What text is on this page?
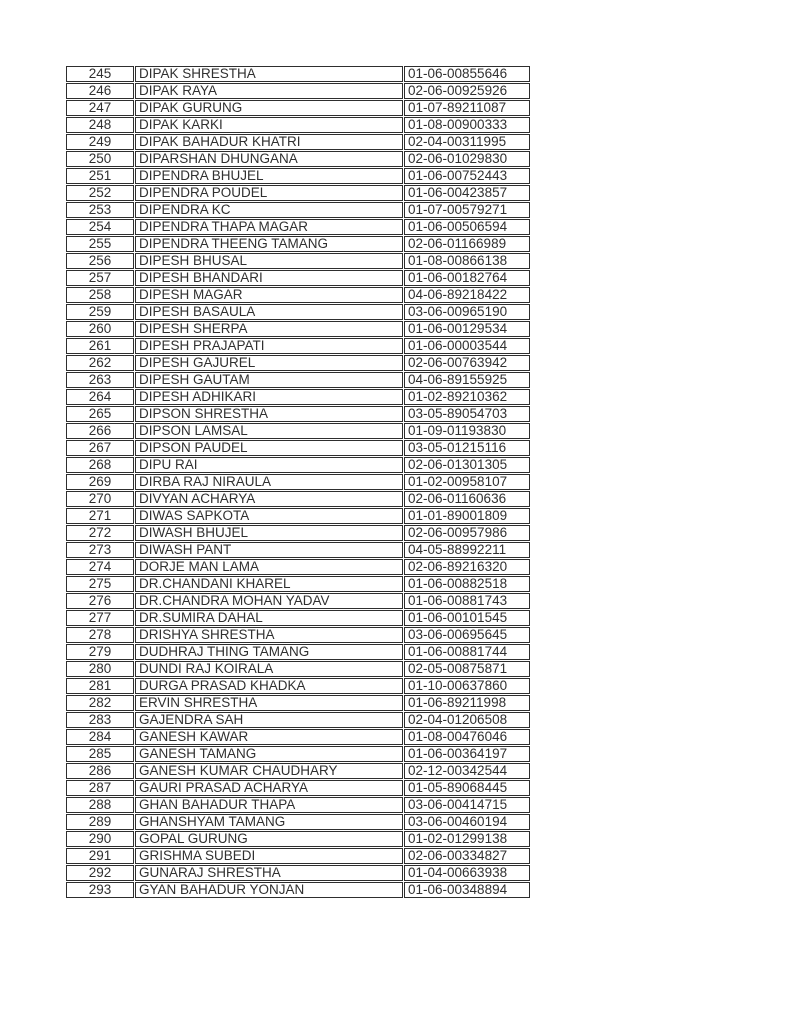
245	DIPAK SHRESTHA	01-06-00855646
246	DIPAK RAYA	02-06-00925926
247	DIPAK GURUNG	01-07-89211087
248	DIPAK KARKI	01-08-00900333
249	DIPAK BAHADUR KHATRI	02-04-00311995
250	DIPARSHAN DHUNGANA	02-06-01029830
251	DIPENDRA BHUJEL	01-06-00752443
252	DIPENDRA POUDEL	01-06-00423857
253	DIPENDRA KC	01-07-00579271
254	DIPENDRA THAPA MAGAR	01-06-00506594
255	DIPENDRA THEENG TAMANG	02-06-01166989
256	DIPESH BHUSAL	01-08-00866138
257	DIPESH BHANDARI	01-06-00182764
258	DIPESH MAGAR	04-06-89218422
259	DIPESH BASAULA	03-06-00965190
260	DIPESH SHERPA	01-06-00129534
261	DIPESH PRAJAPATI	01-06-00003544
262	DIPESH GAJUREL	02-06-00763942
263	DIPESH GAUTAM	04-06-89155925
264	DIPESH ADHIKARI	01-02-89210362
265	DIPSON SHRESTHA	03-05-89054703
266	DIPSON LAMSAL	01-09-01193830
267	DIPSON PAUDEL	03-05-01215116
268	DIPU RAI	02-06-01301305
269	DIRBA RAJ NIRAULA	01-02-00958107
270	DIVYAN ACHARYA	02-06-01160636
271	DIWAS SAPKOTA	01-01-89001809
272	DIWASH BHUJEL	02-06-00957986
273	DIWASH PANT	04-05-88992211
274	DORJE MAN LAMA	02-06-89216320
275	DR.CHANDANI KHAREL	01-06-00882518
276	DR.CHANDRA MOHAN YADAV	01-06-00881743
277	DR.SUMIRA DAHAL	01-06-00101545
278	DRISHYA SHRESTHA	03-06-00695645
279	DUDHRAJ THING TAMANG	01-06-00881744
280	DUNDI RAJ KOIRALA	02-05-00875871
281	DURGA PRASAD KHADKA	01-10-00637860
282	ERVIN SHRESTHA	01-06-89211998
283	GAJENDRA SAH	02-04-01206508
284	GANESH KAWAR	01-08-00476046
285	GANESH TAMANG	01-06-00364197
286	GANESH KUMAR CHAUDHARY	02-12-00342544
287	GAURI PRASAD ACHARYA	01-05-89068445
288	GHAN BAHADUR THAPA	03-06-00414715
289	GHANSHYAM TAMANG	03-06-00460194
290	GOPAL GURUNG	01-02-01299138
291	GRISHMA SUBEDI	02-06-00334827
292	GUNARAJ SHRESTHA	01-04-00663938
293	GYAN BAHADUR YONJAN	01-06-00348894
